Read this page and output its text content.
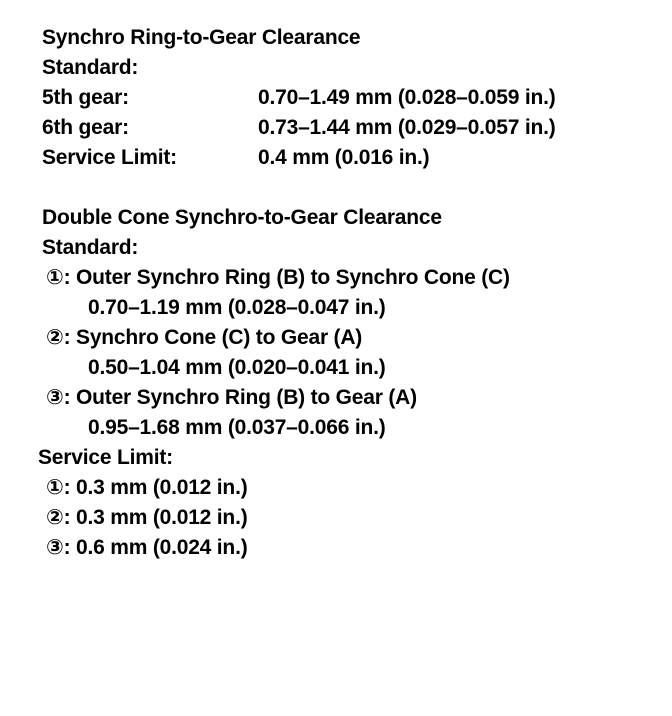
Synchro Ring-to-Gear Clearance
Standard:
5th gear:	0.70–1.49 mm (0.028–0.059 in.)
6th gear:	0.73–1.44 mm (0.029–0.057 in.)
Service Limit:	0.4 mm (0.016 in.)
Double Cone Synchro-to-Gear Clearance
Standard:
①: Outer Synchro Ring (B) to Synchro Cone (C)
0.70–1.19 mm (0.028–0.047 in.)
②: Synchro Cone (C) to Gear (A)
0.50–1.04 mm (0.020–0.041 in.)
③: Outer Synchro Ring (B) to Gear (A)
0.95–1.68 mm (0.037–0.066 in.)
Service Limit:
①: 0.3 mm (0.012 in.)
②: 0.3 mm (0.012 in.)
③: 0.6 mm (0.024 in.)
